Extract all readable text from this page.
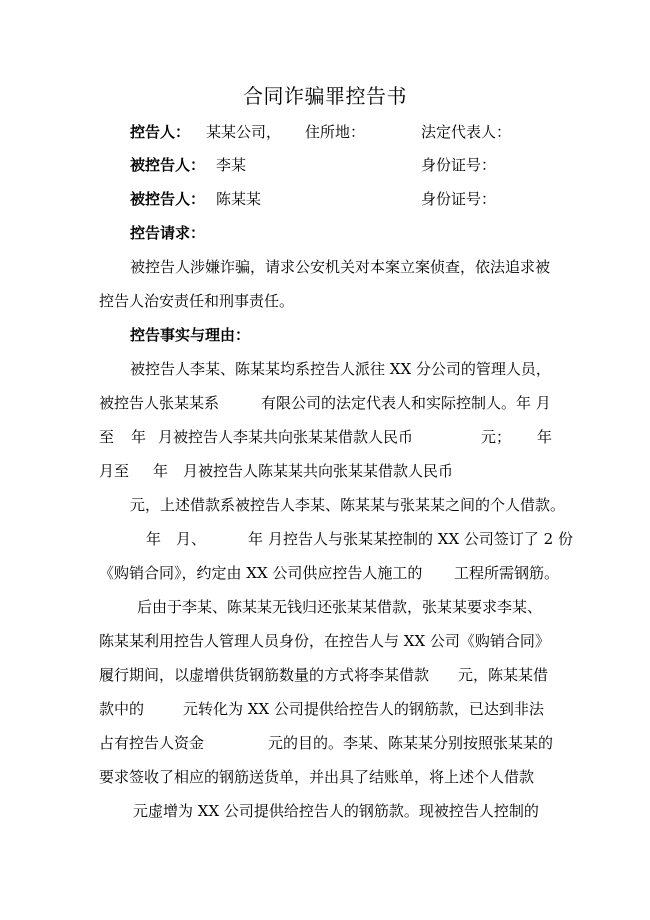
合同诈骗罪控告书
控告人： 某某公司， 住所地：	法定代表人：
被控告人： 李某	身份证号：
被控告人： 陈某某	身份证号：
控告请求：
被控告人涉嫌诈骗，请求公安机关对本案立案侦查，依法追求被
控告人治安责任和刑事责任。
控告事实与理由：
被控告人李某、陈某某均系控告人派往 XX 分公司的管理人员，
被控告人张某某系	有限公司的法定代表人和实际控制人。年 月
至 年 月被控告人李某共向张某某借款人民币	元； 年
月至 年 月被控告人陈某某共向张某某借款人民币
元，上述借款系被控告人李某、陈某某与张某某之间的个人借款。
年 月、	年 月控告人与张某某控制的 XX 公司签订了 2 份
《购销合同》，约定由 XX 公司供应控告人施工的 工程所需钢筋。
后由于李某、陈某某无钱归还张某某借款，张某某要求李某、
陈某某利用控告人管理人员身份，在控告人与 XX 公司《购销合同》
履行期间，以虚增供货钢筋数量的方式将李某借款 元，陈某某借
款中的	元转化为 XX 公司提供给控告人的钢筋款，已达到非法
占有控告人资金	元的目的。李某、陈某某分别按照张某某的
要求签收了相应的钢筋送货单，并出具了结账单，将上述个人借款
元虚增为 XX 公司提供给控告人的钢筋款。现被控告人控制的
